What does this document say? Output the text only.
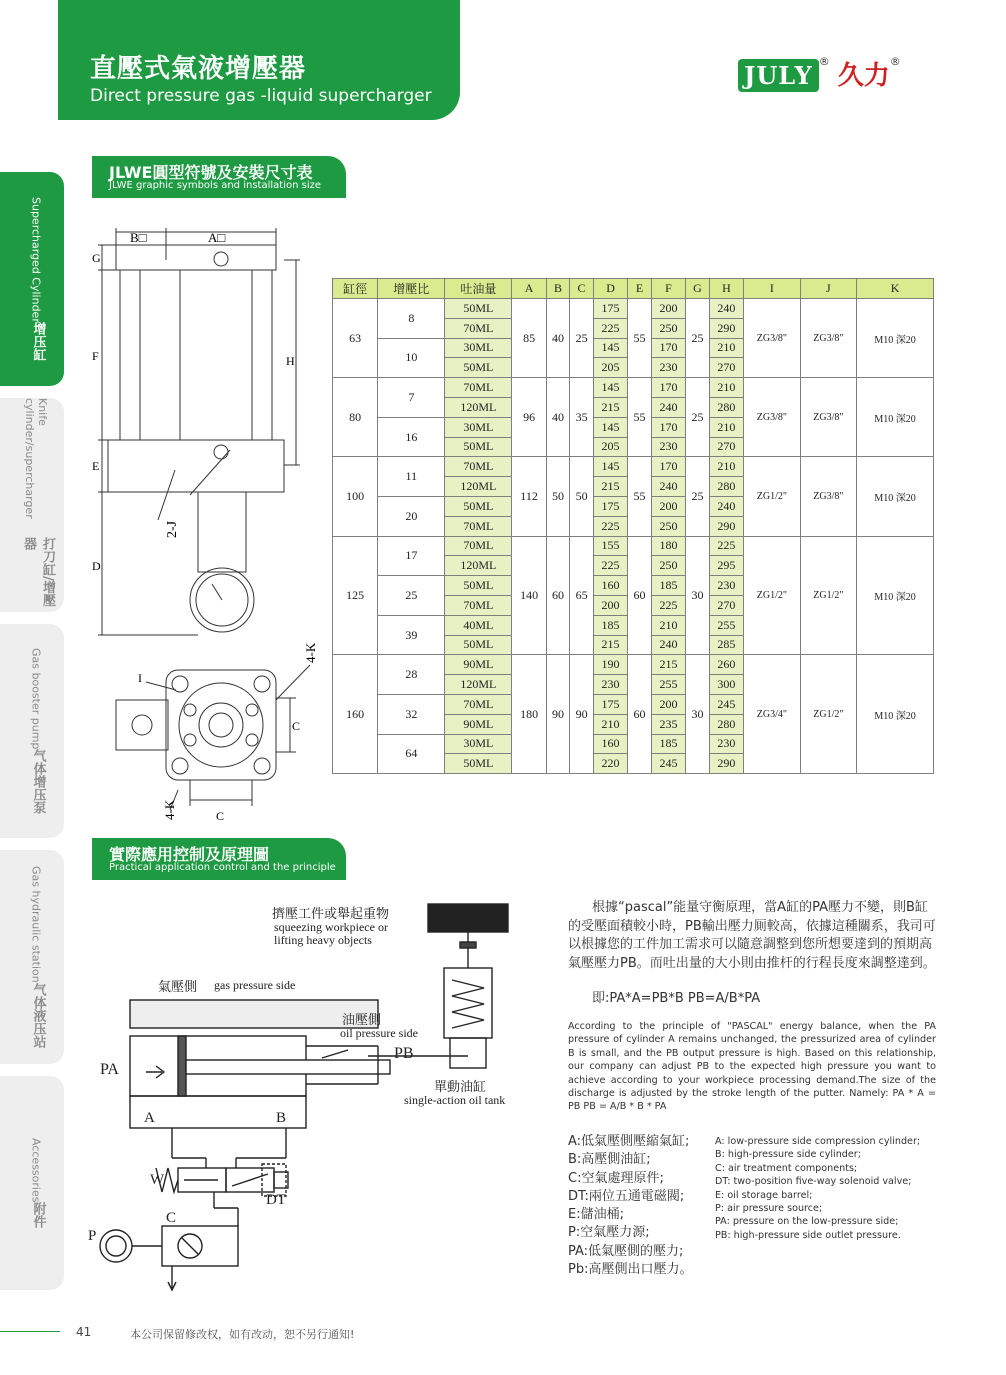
直壓式氣液增壓器
Direct pressure gas -liquid supercharger
JULY ® 久力®
Supercharged Cylinder
增压缸
Knife cylinder/supercharger
打刀缸/增壓器
Gas booster pump
气体增压泵
Gas hydraulic station
气体液压站
Accessories
附件
JLWE圓型符號及安裝尺寸表
JLWE graphic symbols and installation size
B□	A□
G
F	H
E
D
2-J
4-K
C
C
4-K
I
缸徑	增壓比	吐油量	A	B	C	D	E	F	G	H	I	J	K
63	8	50ML	85	40	25	175	55	200	25	240	ZG3/8"	ZG3/8"	M10 深20
		70ML				225		250		290			
	10	30ML				145		170		210			
		50ML				205		230		270			
80	7	70ML	96	40	35	145	55	170	25	210	ZG3/8"	ZG3/8"	M10 深20
		120ML				215		240		280			
	16	30ML				145		170		210			
		50ML				205		230		270			
100	11	70ML	112	50	50	145	55	170	25	210	ZG1/2"	ZG3/8"	M10 深20
		120ML				215		240		280			
	20	50ML				175		200		240			
		70ML				225		250		290			
125	17	70ML	140	60	65	155	60	180	30	225	ZG1/2"	ZG1/2"	M10 深20
		120ML				225		250		295			
	25	50ML				160		185		230			
		70ML				200		225		270			
	39	40ML				185		210		255			
		50ML				215		240		285			
160	28	90ML	180	90	90	190	60	215	30	260	ZG3/4"	ZG1/2"	M10 深20
		120ML				230		255		300			
	32	70ML				175		200		245			
		90ML				210		235		280			
	64	30ML				160		185		230			
		50ML				220		245		290			
實際應用控制及原理圖
Practical application control and the principle
擠壓工件或舉起重物
squeezing workpiece or
lifting heavy objects
氣壓側 gas pressure side
油壓側
oil pressure side
PA
PB
A	B
W
DT
C
P
單動油缸
single-action oil tank
根據“pascal”能量守衡原理，當A缸的PA壓力不變，則B缸的受壓面積較小時，PB輸出壓力厠較高，依據這種關系，我司可以根據您的工件加工需求可以隨意調整到您所想要達到的預期高氣壓壓力PB。而吐出量的大小則由推杆的行程長度來調整達到。
即:PA*A=PB*B PB=A/B*PA
According to the principle of "PASCAL" energy balance, when the PA pressure of cylinder A remains unchanged, the pressurized area of cylinder B is small, and the PB output pressure is high. Based on this relationship, our company can adjust PB to the expected high pressure you want to achieve according to your workpiece processing demand.The size of the discharge is adjusted by the stroke length of the putter. Namely: PA * A = PB PB = A/B * B * PA
A:低氣壓側壓縮氣缸;
B:高壓側油缸;
C:空氣處理原件;
DT:兩位五通電磁閥;
E:儲油桶;
P:空氣壓力源;
PA:低氣壓側的壓力;
Pb:高壓側出口壓力。
A: low-pressure side compression cylinder;
B: high-pressure side cylinder;
C: air treatment components;
DT: two-position five-way solenoid valve;
E: oil storage barrel;
P: air pressure source;
PA: pressure on the low-pressure side;
PB: high-pressure side outlet pressure.
41	本公司保留修改权，如有改动，恕不另行通知!
